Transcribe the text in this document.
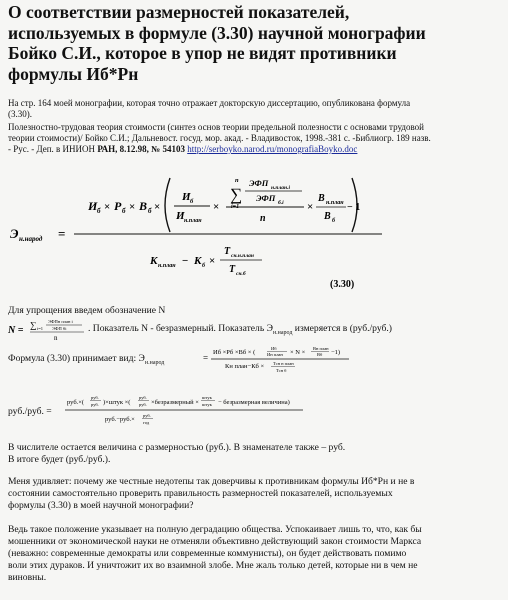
О соответствии размерностей показателей,
используемых в формуле (3.30) научной монографии
Бойко С.И., которое в упор не видят противники
формулы Иб*Рн

На стр. 164 моей монографии, которая точно отражает докторскую диссертацию, опубликована формула
(3.30).

Полезностно-трудовая теория стоимости (синтез основ теории предельной полезности с основами трудовой
теории стоимости)/ Бойко С.И.; Дальневост. госуд. мор. акад. - Владивосток, 1998.-381 с. -Библиогр. 189 назв.
- Рус. - Деп. в ИНИОН РАН, 8.12.98, № 54103 http://serboyko.narod.ru/monografiaBoyko.doc

Э н.народ =
И б × Р б × В б ×
И б
И н.план
×
n
∑
i=1
ЭФП н.план.i
ЭФП б.i
n
×
В н.план
В б
− 1
К н.план − К б ×
Т сн.н.план
Т сн.б
(3.30)

Для упрощения введем обозначение N

N = ∑ i=1
ЭФПн план i
ЭФП бi
n
. Показатель N - безразмерный. Показатель $Э_{н.народ}$ измеряется в (руб./руб.)
Формула (3.30) принимает вид: $Э_{н.народ}$	=
Иб ×Рб ×Вб × (
Иб
Ин план × N ×
Вн план
Вб −1)
Кн план−Кб × Тсн н план
Тсн б
руб./руб. =
руб.×(
руб.
руб. )×штук ×(
руб.
руб. ×безразмерный ×
штук
штук − безразмерная величина)
руб.−руб.×
руб.
год

В числителе остается величина с размерностью (руб.). В знаменателе также – руб.
В итоге будет (руб./руб.).

Меня удивляет: почему же честные недотепы так доверчивы к противникам формулы Иб*Рн и не в
состоянии самостоятельно проверить правильность размерностей показателей, используемых
формулы (3.30) в моей научной монографии?

Ведь такое положение указывает на полную деградацию общества. Успокаивает лишь то, что, как бы
мошенники от экономической науки не отменяли объективно действующий закон стоимости Маркса
(неважно: современные демократы или современные коммунисты), он будет действовать помимо
воли этих дураков. И уничтожит их во взаимной злобе. Мне жаль только детей, которые ни в чем не
виновны.
